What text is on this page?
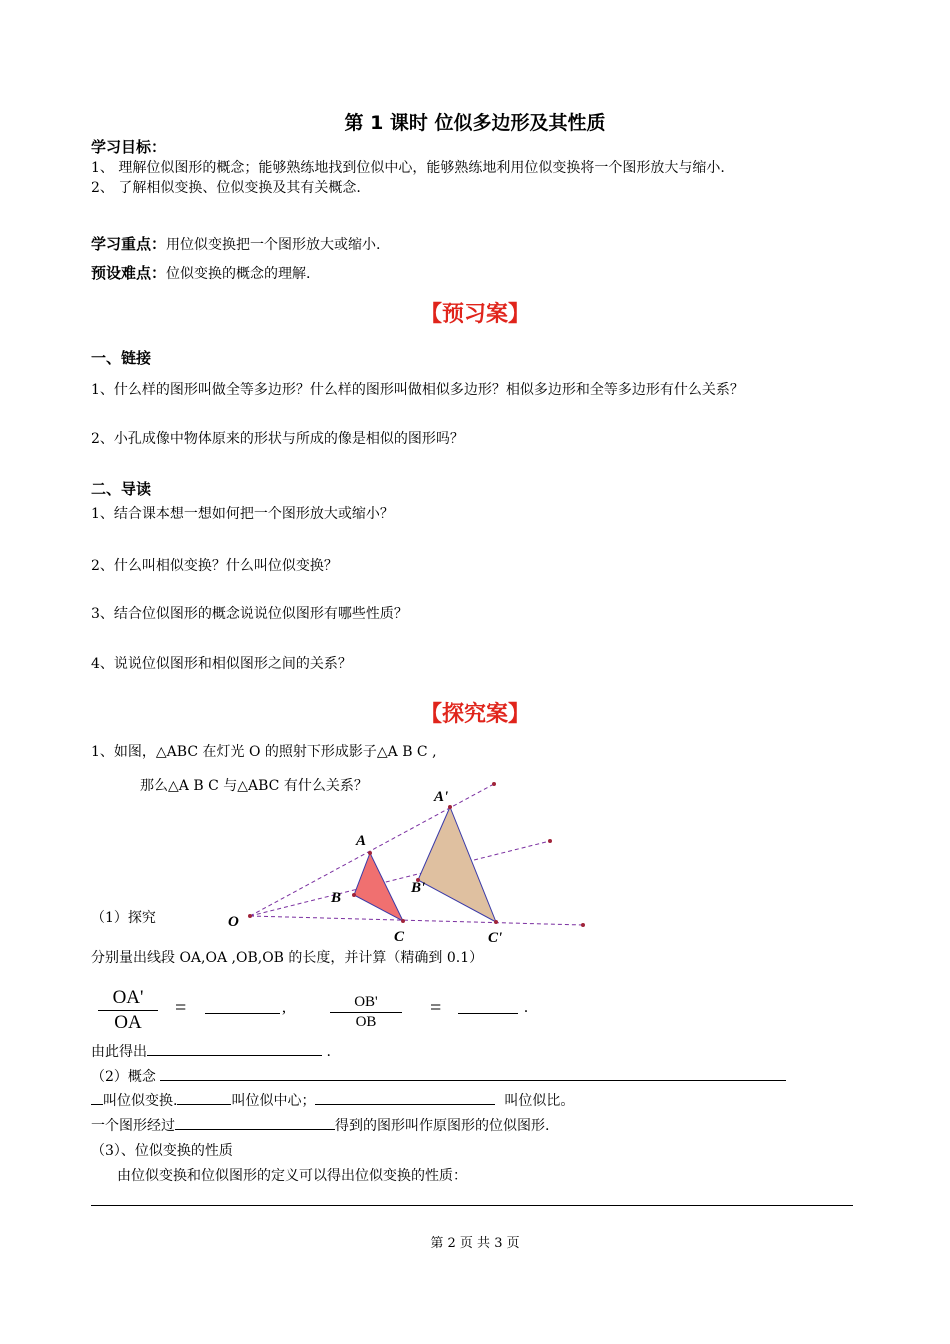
第 1 课时 位似多边形及其性质
学习目标：
1、 理解位似图形的概念；能够熟练地找到位似中心，能够熟练地利用位似变换将一个图形放大与缩小.
2、 了解相似变换、位似变换及其有关概念.
学习重点：用位似变换把一个图形放大或缩小.
预设难点：位似变换的概念的理解.
【预习案】
一、链接
1、什么样的图形叫做全等多边形？什么样的图形叫做相似多边形？相似多边形和全等多边形有什么关系？
2、小孔成像中物体原来的形状与所成的像是相似的图形吗？
二、导读
1、结合课本想一想如何把一个图形放大或缩小？
2、什么叫相似变换？什么叫位似变换？
3、结合位似图形的概念说说位似图形有哪些性质？
4、说说位似图形和相似图形之间的关系？
【探究案】
1、如图，△ABC 在灯光 O 的照射下形成影子△A B C ,
那么△A B C 与△ABC 有什么关系？
O
A
B
C
A'
B'
C'
（1）探究
分别量出线段 OA,OA ,OB,OB 的长度，并计算（精确到 0.1）
OA'
OA
=	,	OB'
OB
=	.
由此得出	.
（2）概念
叫位似变换.	叫位似中心；	叫位似比。
一个图形经过	得到的图形叫作原图形的位似图形.
（3）、位似变换的性质
由位似变换和位似图形的定义可以得出位似变换的性质：
第 2 页 共 3 页
